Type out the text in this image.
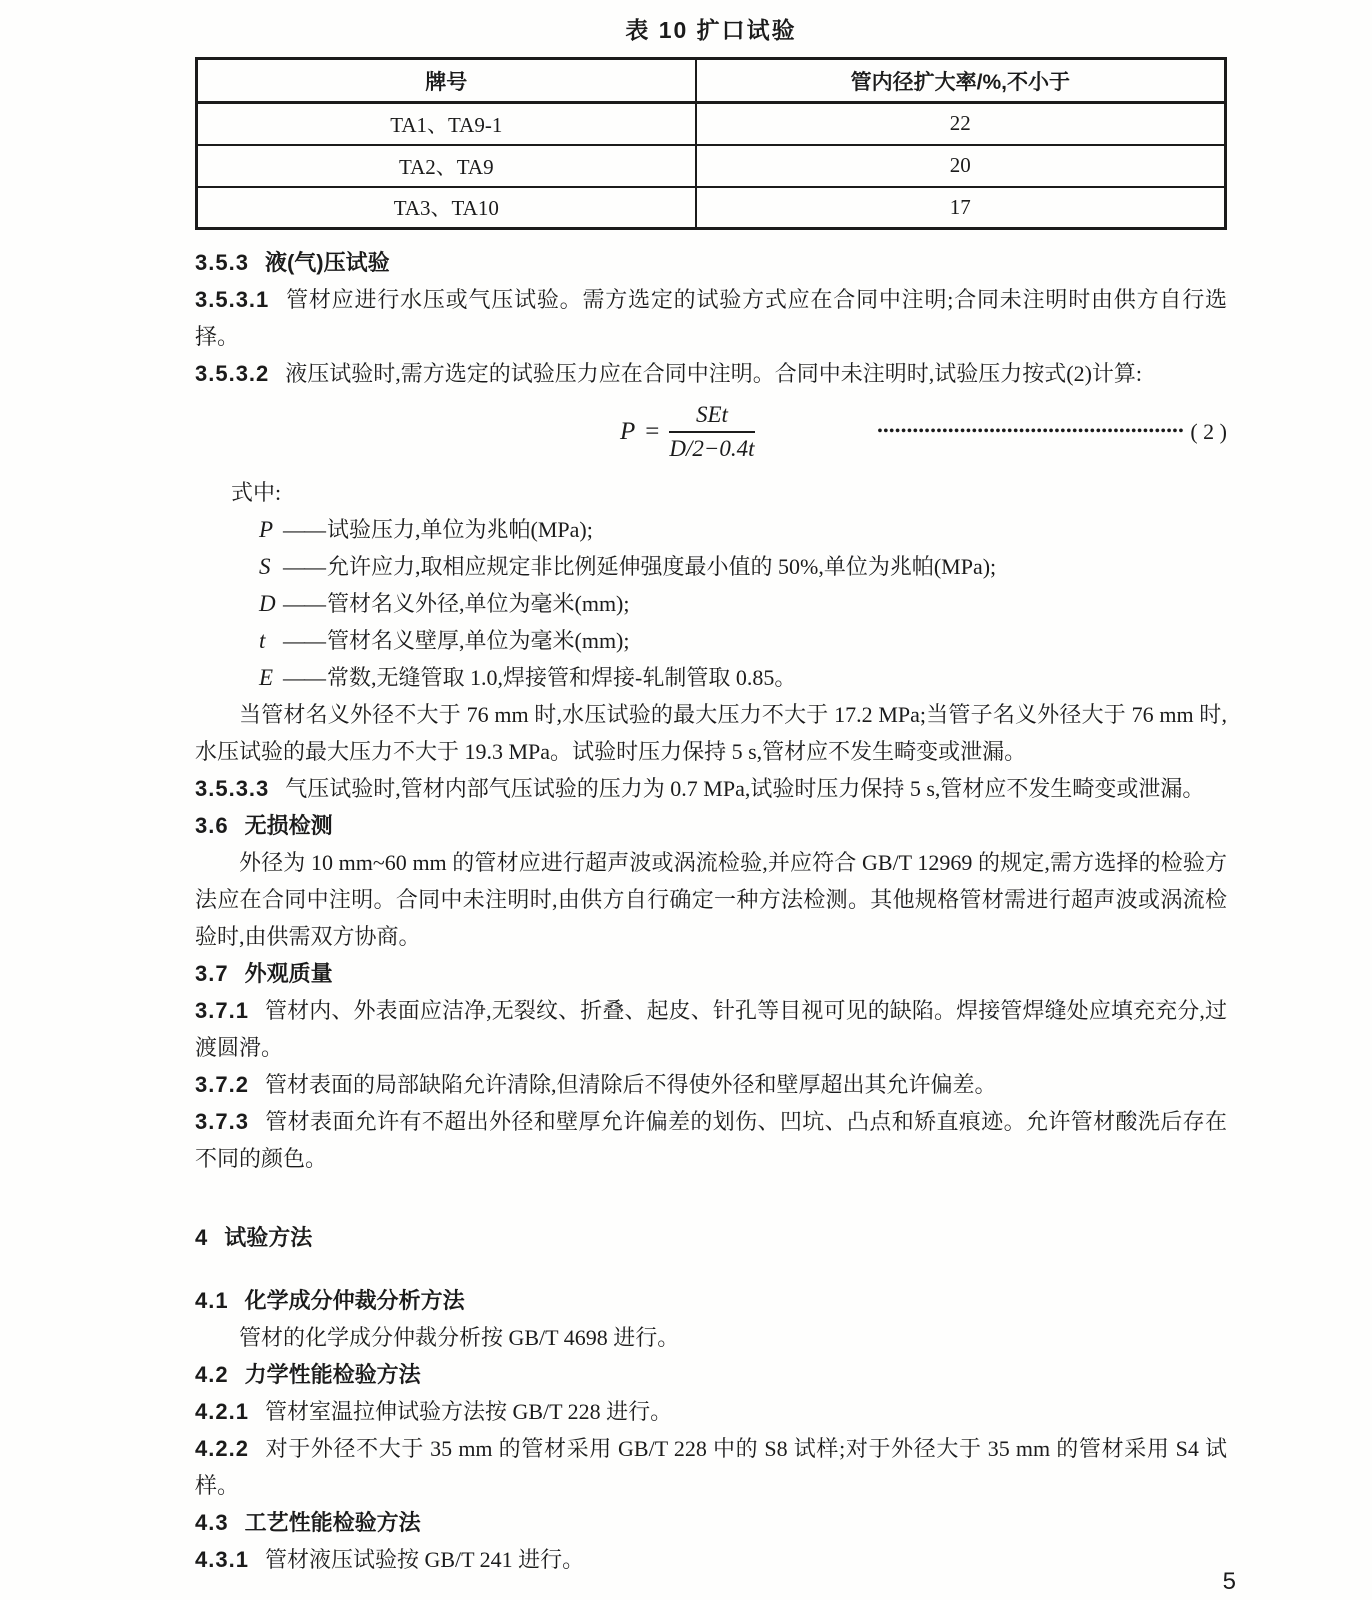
表 10 扩口试验
牌号	管内径扩大率/%,不小于
TA1、TA9-1	22
TA2、TA9	20
TA3、TA10	17
3.5.3 液(气)压试验
3.5.3.1 管材应进行水压或气压试验。需方选定的试验方式应在合同中注明;合同未注明时由供方自行选择。
3.5.3.2 液压试验时,需方选定的试验压力应在合同中注明。合同中未注明时,试验压力按式(2)计算:
$P = \frac{\text{SEt}}{D/2-0.4t}$	•••••••••••••••••••••••••••••••••••••••••••••••••••• ( 2 )
式中:
P ——试验压力,单位为兆帕(MPa);
S ——允许应力,取相应规定非比例延伸强度最小值的 50%,单位为兆帕(MPa);
D ——管材名义外径,单位为毫米(mm);
t ——管材名义壁厚,单位为毫米(mm);
E ——常数,无缝管取 1.0,焊接管和焊接-轧制管取 0.85。
当管材名义外径不大于 76 mm 时,水压试验的最大压力不大于 17.2 MPa;当管子名义外径大于 76 mm 时,水压试验的最大压力不大于 19.3 MPa。试验时压力保持 5 s,管材应不发生畸变或泄漏。
3.5.3.3 气压试验时,管材内部气压试验的压力为 0.7 MPa,试验时压力保持 5 s,管材应不发生畸变或泄漏。
3.6 无损检测
外径为 10 mm~60 mm 的管材应进行超声波或涡流检验,并应符合 GB/T 12969 的规定,需方选择的检验方法应在合同中注明。合同中未注明时,由供方自行确定一种方法检测。其他规格管材需进行超声波或涡流检验时,由供需双方协商。
3.7 外观质量
3.7.1 管材内、外表面应洁净,无裂纹、折叠、起皮、针孔等目视可见的缺陷。焊接管焊缝处应填充充分,过渡圆滑。
3.7.2 管材表面的局部缺陷允许清除,但清除后不得使外径和壁厚超出其允许偏差。
3.7.3 管材表面允许有不超出外径和壁厚允许偏差的划伤、凹坑、凸点和矫直痕迹。允许管材酸洗后存在不同的颜色。
4 试验方法
4.1 化学成分仲裁分析方法
管材的化学成分仲裁分析按 GB/T 4698 进行。
4.2 力学性能检验方法
4.2.1 管材室温拉伸试验方法按 GB/T 228 进行。
4.2.2 对于外径不大于 35 mm 的管材采用 GB/T 228 中的 S8 试样;对于外径大于 35 mm 的管材采用 S4 试样。
4.3 工艺性能检验方法
4.3.1 管材液压试验按 GB/T 241 进行。
5
